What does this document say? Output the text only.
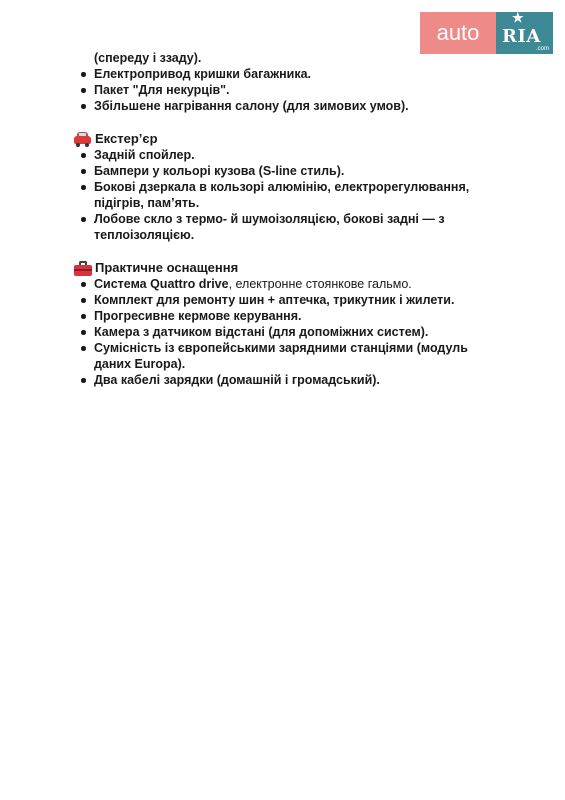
auto
★
RIA
.com
(спереду і ззаду).
Електропривод кришки багажника.
Пакет "Для некурців".
Збільшене нагрівання салону (для зимових умов).
Екстер’єр
Задній спойлер.
Бампери у кольорі кузова (S-line стиль).
Бокові дзеркала в кользорі алюмінію, електрорегулювання, підігрів, пам’ять.
Лобове скло з термо- й шумоізоляцією, бокові задні — з теплоізоляцією.
Практичне оснащення
Система Quattro drive, електронне стоянкове гальмо.
Комплект для ремонту шин + аптечка, трикутник і жилети.
Прогресивне кермове керування.
Камера з датчиком відстані (для допоміжних систем).
Сумісність із європейськими зарядними станціями (модуль даних Europa).
Два кабелі зарядки (домашній і громадський).
